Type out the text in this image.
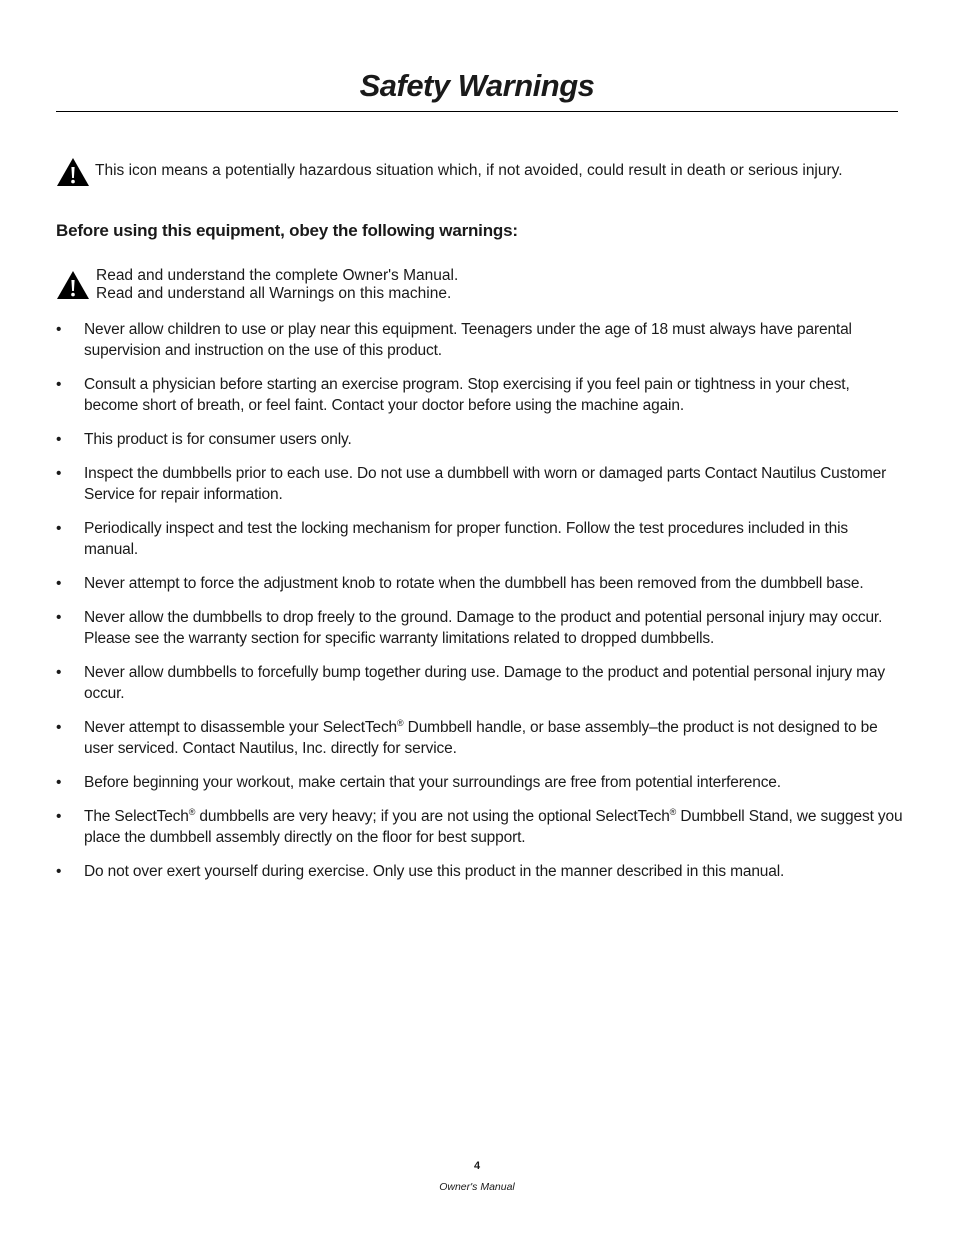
Safety Warnings

This icon means a potentially hazardous situation which, if not avoided, could result in death or serious injury.

Before using this equipment, obey the following warnings:
Read and understand the complete Owner's Manual.
Read and understand all Warnings on this machine.
• Never allow children to use or play near this equipment. Teenagers under the age of 18 must always have parental supervision and instruction on the use of this product.
• Consult a physician before starting an exercise program. Stop exercising if you feel pain or tightness in your chest, become short of breath, or feel faint. Contact your doctor before using the machine again.
• This product is for consumer users only.
• Inspect the dumbbells prior to each use. Do not use a dumbbell with worn or damaged parts Contact Nautilus Customer Service for repair information.
• Periodically inspect and test the locking mechanism for proper function. Follow the test procedures included in this manual.
• Never attempt to force the adjustment knob to rotate when the dumbbell has been removed from the dumbbell base.
• Never allow the dumbbells to drop freely to the ground. Damage to the product and potential personal injury may occur. Please see the warranty section for specific warranty limitations related to dropped dumbbells.
• Never allow dumbbells to forcefully bump together during use. Damage to the product and potential personal injury may occur.
• Never attempt to disassemble your SelectTech® Dumbbell handle, or base assembly–the product is not designed to be user serviced. Contact Nautilus, Inc. directly for service.
• Before beginning your workout, make certain that your surroundings are free from potential interference.
• The SelectTech® dumbbells are very heavy; if you are not using the optional SelectTech® Dumbbell Stand, we suggest you place the dumbbell assembly directly on the floor for best support.
• Do not over exert yourself during exercise. Only use this product in the manner described in this manual.

4

Owner's Manual
